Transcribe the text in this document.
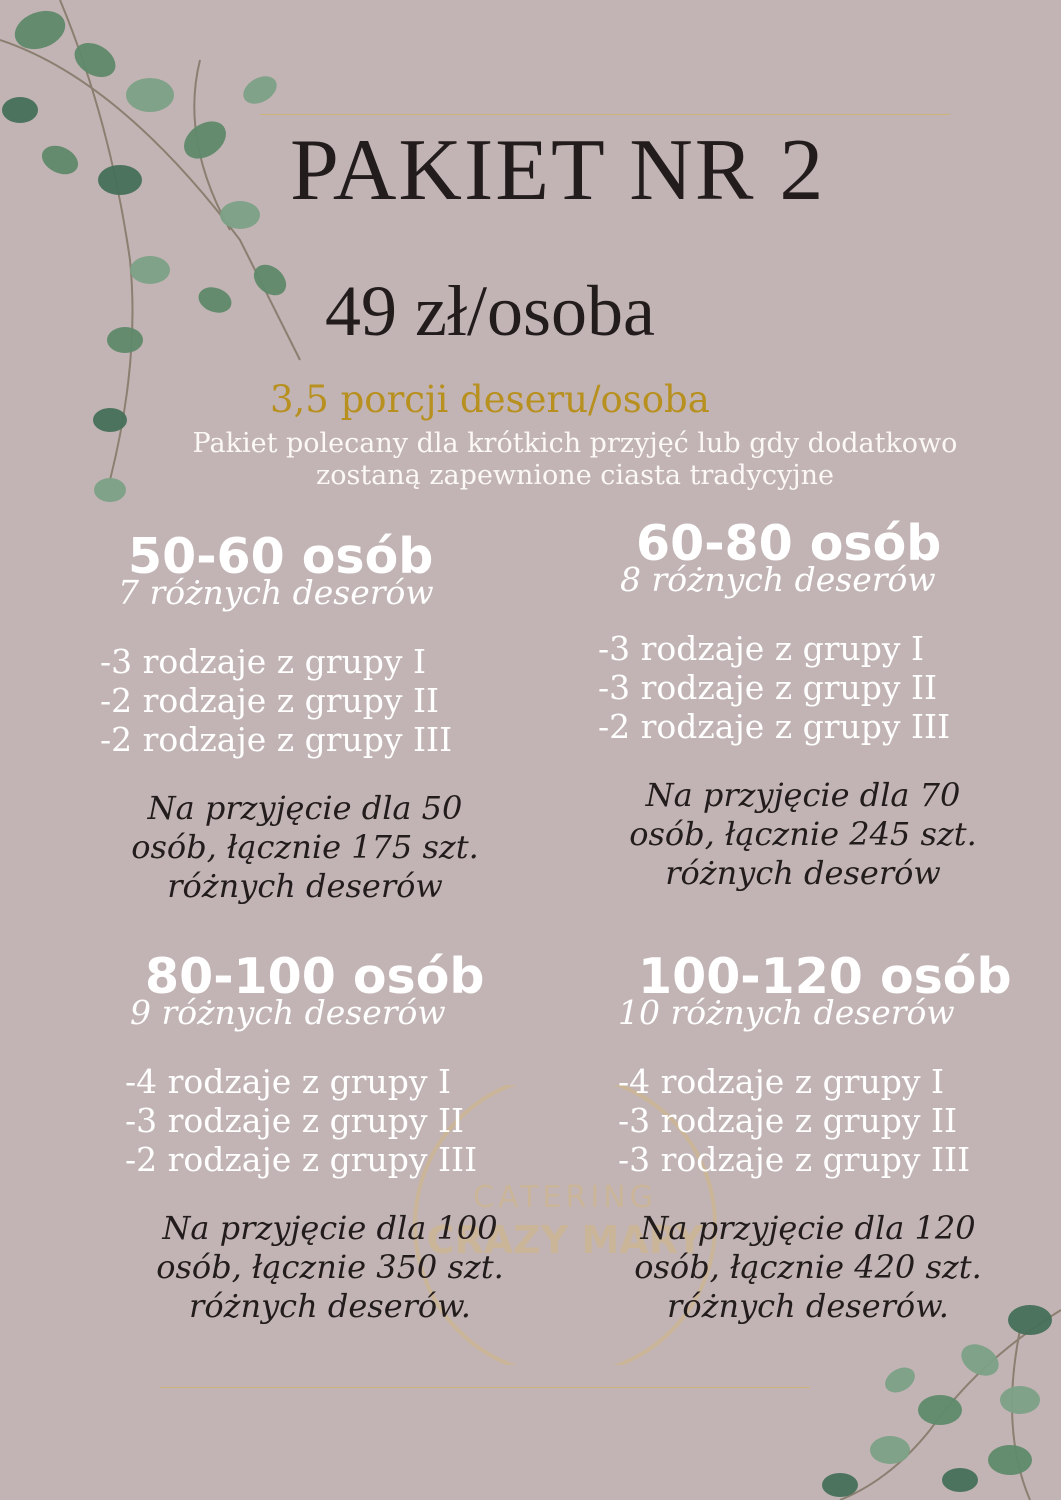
CATERING
CRAZY MARY
PAKIET NR 2
49 zł/osoba
3,5 porcji deseru/osoba
Pakiet polecany dla krótkich przyjęć lub gdy dodatkowo
zostaną zapewnione ciasta tradycyjne
50-60 osób
7 różnych deserów
-3 rodzaje z grupy I
-2 rodzaje z grupy II
-2 rodzaje z grupy III
Na przyjęcie dla 50
osób, łącznie 175 szt.
różnych deserów
60-80 osób
8 różnych deserów
-3 rodzaje z grupy I
-3 rodzaje z grupy II
-2 rodzaje z grupy III
Na przyjęcie dla 70
osób, łącznie 245 szt.
różnych deserów
80-100 osób
9 różnych deserów
-4 rodzaje z grupy I
-3 rodzaje z grupy II
-2 rodzaje z grupy III
Na przyjęcie dla 100
osób, łącznie 350 szt.
różnych deserów.
100-120 osób
10 różnych deserów
-4 rodzaje z grupy I
-3 rodzaje z grupy II
-3 rodzaje z grupy III
Na przyjęcie dla 120
osób, łącznie 420 szt.
różnych deserów.
